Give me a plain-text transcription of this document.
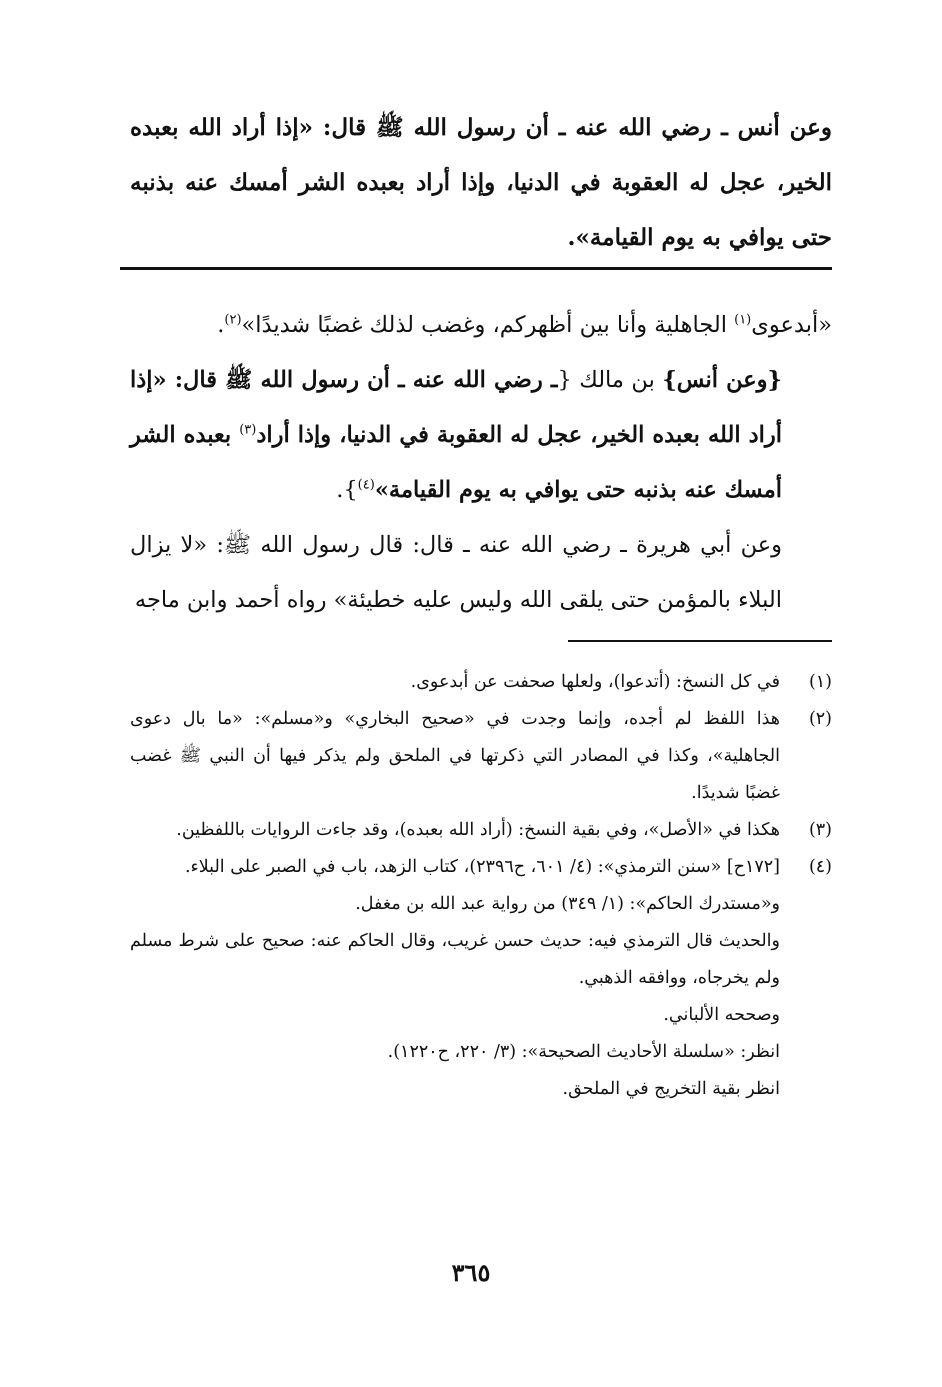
وعن أنس ـ رضي الله عنه ـ أن رسول الله ﷺ قال: «إذا أراد الله بعبده الخير، عجل له العقوبة في الدنيا، وإذا أراد بعبده الشر أمسك عنه بذنبه حتى يوافي به يوم القيامة».

«أبدعوى$^{(١)}$ الجاهلية وأنا بين أظهركم، وغضب لذلك غضبًا شديدًا»$^{(٢)}$.

{وعن أنس} بن مالك {ـ رضي الله عنه ـ أن رسول الله ﷺ قال: «إذا أراد الله بعبده الخير، عجل له العقوبة في الدنيا، وإذا أراد$^{(٣)}$ بعبده الشر أمسك عنه بذنبه حتى يوافي به يوم القيامة»$^{(٤)}$}.

وعن أبي هريرة ـ رضي الله عنه ـ قال: قال رسول الله ﷺ: «لا يزال البلاء بالمؤمن حتى يلقى الله وليس عليه خطيئة» رواه أحمد وابن ماجه

(١)
في كل النسخ: (أتدعوا)، ولعلها صحفت عن أبدعوى.

(٢)
هذا اللفظ لم أجده، وإنما وجدت في «صحيح البخاري» و«مسلم»: «ما بال دعوى الجاهلية»، وكذا في المصادر التي ذكرتها في الملحق ولم يذكر فيها أن النبي ﷺ غضب غضبًا شديدًا.

(٣)
هكذا في «الأصل»، وفي بقية النسخ: (أراد الله بعبده)، وقد جاءت الروايات باللفظين.

(٤)
[١٧٢ح] «سنن الترمذي»: (٤/ ٦٠١، ح٢٣٩٦)، كتاب الزهد، باب في الصبر على البلاء.

و«مستدرك الحاكم»: (١/ ٣٤٩) من رواية عبد الله بن مغفل.

والحديث قال الترمذي فيه: حديث حسن غريب، وقال الحاكم عنه: صحيح على شرط مسلم ولم يخرجاه، ووافقه الذهبي.

وصححه الألباني.

انظر: «سلسلة الأحاديث الصحيحة»: (٣/ ٢٢٠، ح١٢٢٠).

انظر بقية التخريج في الملحق.

٣٦٥
